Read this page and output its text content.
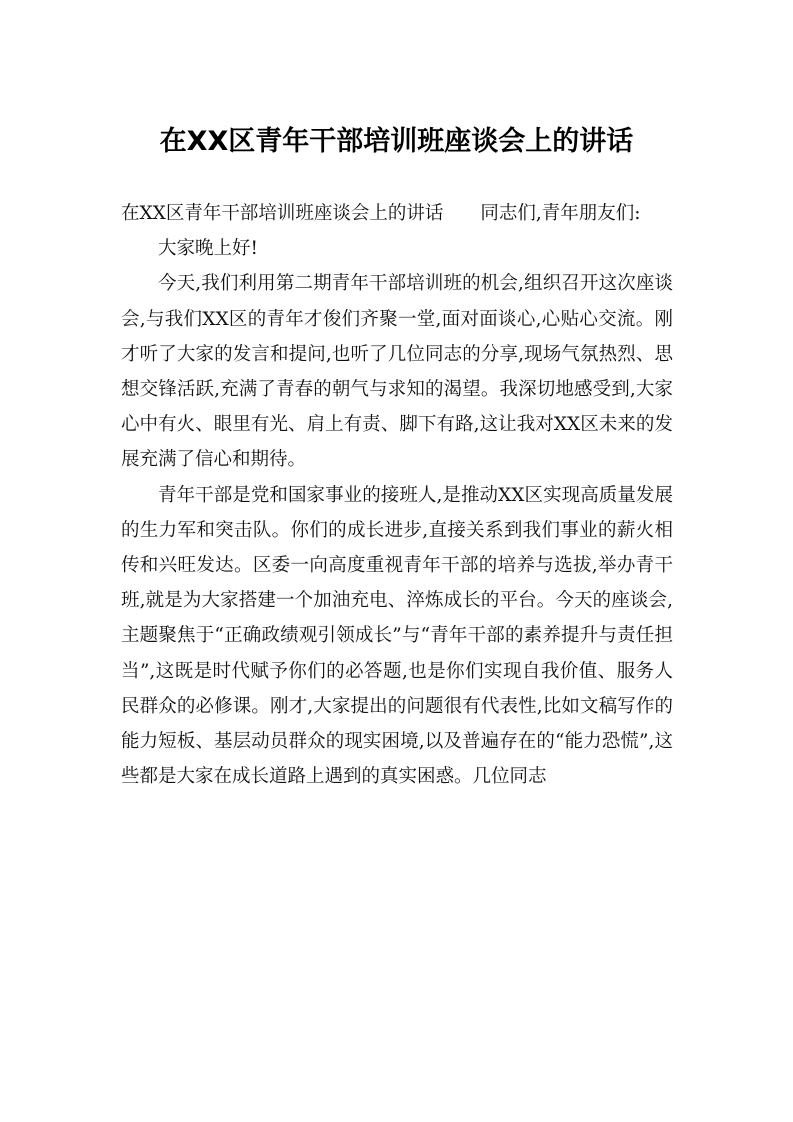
在XX区青年干部培训班座谈会上的讲话

在XX区青年干部培训班座谈会上的讲话　　同志们,青年朋友们:

大家晚上好!

今天,我们利用第二期青年干部培训班的机会,组织召开这次座谈会,与我们XX区的青年才俊们齐聚一堂,面对面谈心,心贴心交流。刚才听了大家的发言和提问,也听了几位同志的分享,现场气氛热烈、思想交锋活跃,充满了青春的朝气与求知的渴望。我深切地感受到,大家心中有火、眼里有光、肩上有责、脚下有路,这让我对XX区未来的发展充满了信心和期待。

青年干部是党和国家事业的接班人,是推动XX区实现高质量发展的生力军和突击队。你们的成长进步,直接关系到我们事业的薪火相传和兴旺发达。区委一向高度重视青年干部的培养与选拔,举办青干班,就是为大家搭建一个加油充电、淬炼成长的平台。今天的座谈会,主题聚焦于“正确政绩观引领成长”与“青年干部的素养提升与责任担当”,这既是时代赋予你们的必答题,也是你们实现自我价值、服务人民群众的必修课。刚才,大家提出的问题很有代表性,比如文稿写作的能力短板、基层动员群众的现实困境,以及普遍存在的“能力恐慌”,这些都是大家在成长道路上遇到的真实困惑。几位同志
